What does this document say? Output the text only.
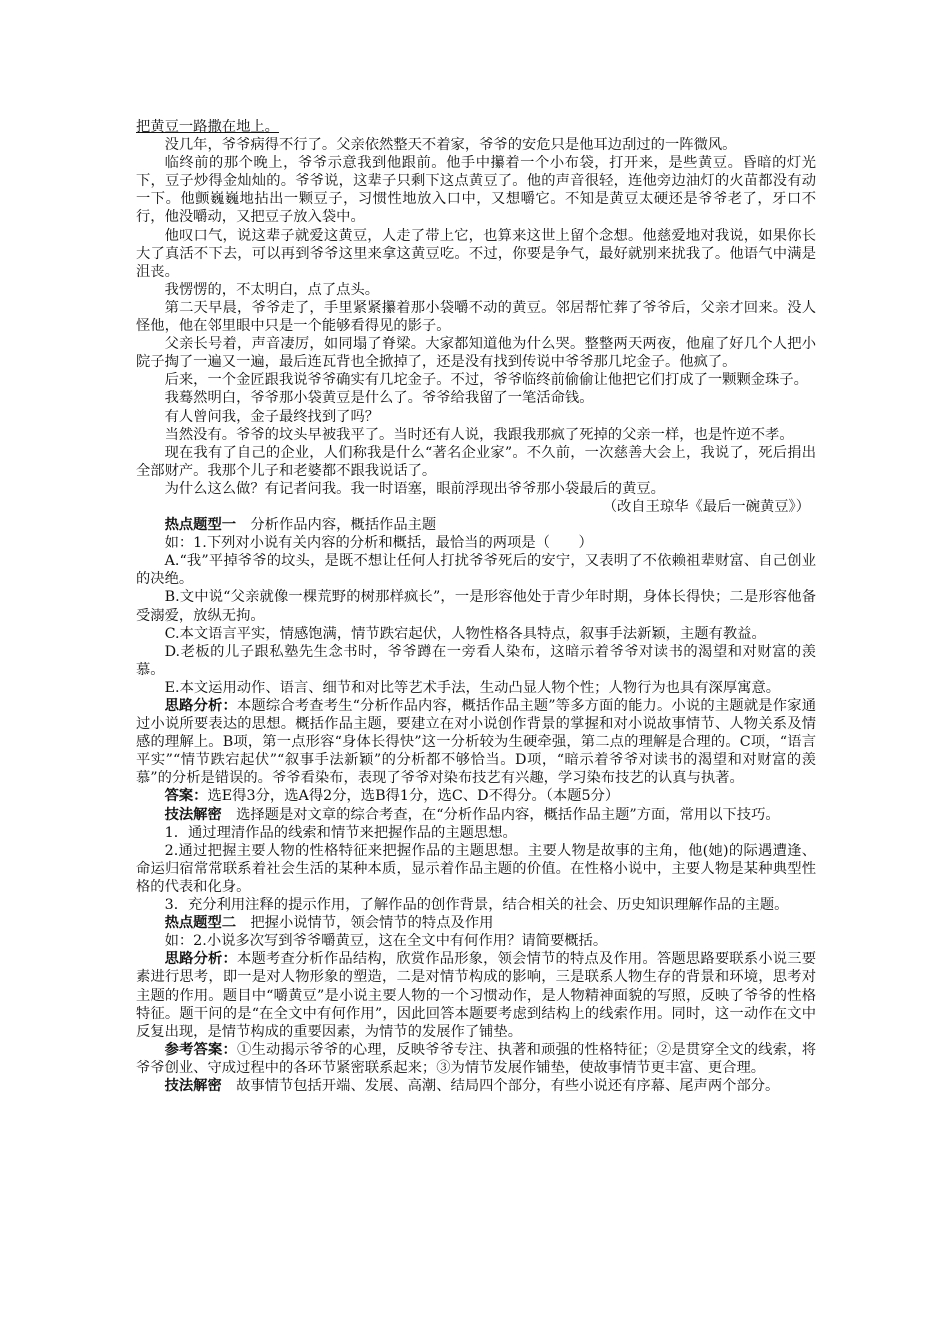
把黄豆一路撒在地上。

没几年，爷爷病得不行了。父亲依然整天不着家，爷爷的安危只是他耳边刮过的一阵微风。

临终前的那个晚上，爷爷示意我到他跟前。他手中攥着一个小布袋，打开来，是些黄豆。昏暗的灯光下，豆子炒得金灿灿的。爷爷说，这辈子只剩下这点黄豆了。他的声音很轻，连他旁边油灯的火苗都没有动一下。他颤巍巍地拈出一颗豆子，习惯性地放入口中，又想嚼它。不知是黄豆太硬还是爷爷老了，牙口不行，他没嚼动，又把豆子放入袋中。

他叹口气，说这辈子就爱这黄豆，人走了带上它，也算来这世上留个念想。他慈爱地对我说，如果你长大了真活不下去，可以再到爷爷这里来拿这黄豆吃。不过，你要是争气，最好就别来扰我了。他语气中满是沮丧。

我愣愣的，不太明白，点了点头。

第二天早晨，爷爷走了，手里紧紧攥着那小袋嚼不动的黄豆。邻居帮忙葬了爷爷后，父亲才回来。没人怪他，他在邻里眼中只是一个能够看得见的影子。

父亲长号着，声音凄厉，如同塌了脊梁。大家都知道他为什么哭。整整两天两夜，他雇了好几个人把小院子掏了一遍又一遍，最后连瓦背也全掀掉了，还是没有找到传说中爷爷那几坨金子。他疯了。

后来，一个金匠跟我说爷爷确实有几坨金子。不过，爷爷临终前偷偷让他把它们打成了一颗颗金珠子。

我蓦然明白，爷爷那小袋黄豆是什么了。爷爷给我留了一笔活命钱。

有人曾问我，金子最终找到了吗？

当然没有。爷爷的坟头早被我平了。当时还有人说，我跟我那疯了死掉的父亲一样，也是忤逆不孝。

现在我有了自己的企业，人们称我是什么“著名企业家”。不久前，一次慈善大会上，我说了，死后捐出全部财产。我那个儿子和老婆都不跟我说话了。

为什么这么做？有记者问我。我一时语塞，眼前浮现出爷爷那小袋最后的黄豆。

（改自王琼华《最后一碗黄豆》）

热点题型一　 分析作品内容，概括作品主题

如：1.下列对小说有关内容的分析和概括，最恰当的两项是（　　）

A.“我”平掉爷爷的坟头，是既不想让任何人打扰爷爷死后的安宁，又表明了不依赖祖辈财富、自己创业的决绝。

B.文中说“父亲就像一棵荒野的树那样疯长”，一是形容他处于青少年时期，身体长得快；二是形容他备受溺爱，放纵无拘。

C.本文语言平实，情感饱满，情节跌宕起伏，人物性格各具特点，叙事手法新颖，主题有教益。

D.老板的儿子跟私塾先生念书时，爷爷蹲在一旁看人染布，这暗示着爷爷对读书的渴望和对财富的羡慕。

E.本文运用动作、语言、细节和对比等艺术手法，生动凸显人物个性；人物行为也具有深厚寓意。

思路分析：本题综合考查考生“分析作品内容，概括作品主题”等多方面的能力。小说的主题就是作家通过小说所要表达的思想。概括作品主题，要建立在对小说创作背景的掌握和对小说故事情节、人物关系及情感的理解上。B项，第一点形容“身体长得快”这一分析较为生硬牵强，第二点的理解是合理的。C项，“语言平实”“情节跌宕起伏”“叙事手法新颖”的分析都不够恰当。D项，“暗示着爷爷对读书的渴望和对财富的羡慕”的分析是错误的。爷爷看染布，表现了爷爷对染布技艺有兴趣，学习染布技艺的认真与执著。

答案：选E得3分，选A得2分，选B得1分，选C、D不得分。（本题5分）

技法解密　 选择题是对文章的综合考查，在“分析作品内容，概括作品主题”方面，常用以下技巧。

1．通过理清作品的线索和情节来把握作品的主题思想。

2.通过把握主要人物的性格特征来把握作品的主题思想。主要人物是故事的主角，他(她)的际遇遭逢、命运归宿常常联系着社会生活的某种本质，显示着作品主题的价值。在性格小说中，主要人物是某种典型性格的代表和化身。

3．充分利用注释的提示作用，了解作品的创作背景，结合相关的社会、历史知识理解作品的主题。

热点题型二　 把握小说情节，领会情节的特点及作用

如：2.小说多次写到爷爷嚼黄豆，这在全文中有何作用？请简要概括。

思路分析：本题考查分析作品结构，欣赏作品形象，领会情节的特点及作用。答题思路要联系小说三要素进行思考，即一是对人物形象的塑造，二是对情节构成的影响，三是联系人物生存的背景和环境，思考对主题的作用。题目中“嚼黄豆”是小说主要人物的一个习惯动作，是人物精神面貌的写照，反映了爷爷的性格特征。题干问的是“在全文中有何作用”，因此回答本题要考虑到结构上的线索作用。同时，这一动作在文中反复出现，是情节构成的重要因素，为情节的发展作了铺垫。

参考答案：①生动揭示爷爷的心理，反映爷爷专注、执著和顽强的性格特征；②是贯穿全文的线索，将爷爷创业、守成过程中的各环节紧密联系起来；③为情节发展作铺垫，使故事情节更丰富、更合理。

技法解密　 故事情节包括开端、发展、高潮、结局四个部分，有些小说还有序幕、尾声两个部分。
